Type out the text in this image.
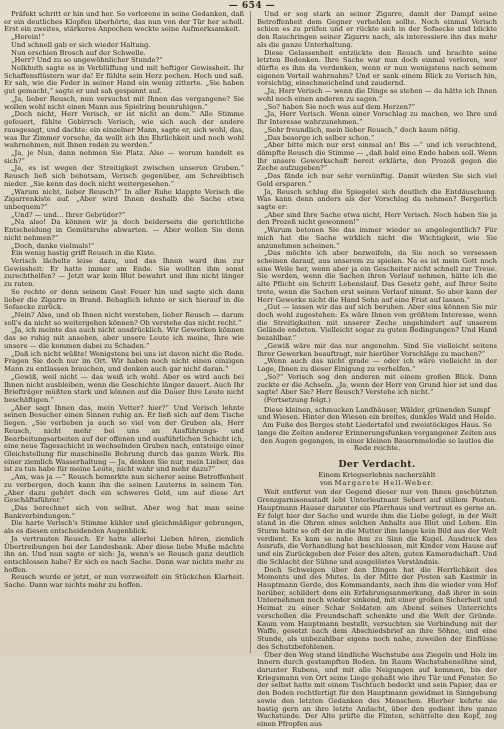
— 654 —

Präfekt schritt er hin und her. So verlorene in seine Gedanken, daß er ein deutliches Klopfen überhörte, das nun von der Tür her scholl. Erst ein zweites, stärkeres Anpochen weckte seine Aufmerksamkeit.

„Herein!“

Und schnell gab er sich wieder Haltung.

Nun erschien Brosch auf der Schwelle.

„Herr? Und zu so ungewöhnlicher Stunde?“

Nelkhuth sagte es in Verblüffung und mit heftiger Gewissheit. Ihr Schaffensflüstern war da! Er fühlte sein Herz pochen. Hoch und saß. Er sah, wie die Feder in seiner Hand ein wenig zitterte. „Sie haben gut gemacht,“ sagte er und sah gespannt auf.

„Ja, lieber Reusch, nun versuchst mit Ihnen das vergangene? Sie wollen wohl nicht einen Mann aus Spielring beunruhigen.“

„Doch nicht, Herr Verisch, er ist nicht an dem.“ Alle Stimme gefeuert, fühlte Gebirrsch Verisch, wie sich auch der andere rausgesagt, und dachte: ein einzelner Mann, sagte er, sich wohl, das, was Ihr Zimmer vorsehe, da wollt ich ihn Ehrlichkeit und noch wohl wahrnehmen, mit Ihnen reden zu werden.“

„Ja, je Nun, dann nehmen Sie Platz. Also — worum handelt es sich?“

„Ja, es ist wegen der Streitigkeit zwischen unseren Gruben.“ Reusch ließ sich behutsam, Verisch gegenüber, am Schreibtisch nieder. „Sie kenn das doch nicht weitergesehen.“

„Warum nicht, lieber Reusch?“ In aller Ruhe klappte Verisch die Zigarrenkiste auf. „Aber wird Ihnen deshalb die Sache etwa unbequem?“

„Und? — und... Ihrer Gebrüder?“

„Na also! Da können wir ja doch beiderseits die gerichtliche Entscheidung in Gemütsruhe abwarten. — Aber wollen Sie denn nicht nehmen?“

„Doch, danke vielmals!“

Ein wenig hastig griff Reusch in die Kiste.

Verisch lächelte leise dazu, und das Ihnen ward ihm zur Gewissheit: Er hatte immer am Ende. Sie wollten ihm sonst zurechthelfen? — Jetzt war kein Blut bewahrt und ihm nicht länger zu raten.

So rechte er denn seinem Gast Feuer hin und sagte sich dann lieber die Zigarre in Brand. Behaglich lehnte er sich hierauf in die Sofaecke zurück.

„Nein? Also, und ob Ihnen nicht verstehen, lieber Reusch — darum soll's da nicht so weitergehen können? Ob verstehe das nicht recht.“

„Ja, ich meinte das auch nicht ausdrücklich. Wir Gewerken können das so ruhig mit ansehen, aber unsere Leute ich meine, Ihre wie unsere — die kommen dabei zu Schaden.“

„Daß ich nicht wüßte! Wenigstens bei uns ist davon nicht die Rede. Fragen Sie doch nur im Ort. Wir haben noch nicht einen einzigen Mann zu entlassen brauchen, und denken auch gar nicht daran.“

„Gewiß, weil nicht — das weiß ich wohl. Aber es wird auch bei Ihnen nicht ausbleiben, wenn die Geschichte länger dauert. Auch Ihr Briefträger müßten stark und können auf die Dauer Ihre Leute nicht beschäftigen.“

„Aber sagt Ihnen das, mein Vetter? hier?“ Und Verisch lehnte seinen Besucher einen Sinnen ruhig an. Er ließ sich auf dem Tische liegen. „Sie verlieben ja auch so viel von der Gruben als, Herr Reusch, nicht mehr bei uns an Ausführungs- und Bearbeitungsarbeiten auf der offenen und ausführlichen Schicht ich, eine neue Tagesschicht in wechselnden Gruben nach, entsteige einer Gleichstellung für maschinelle Bohrung durch das ganze Werk. Bis einer ziemlich Wasserhaltung — Ja, denken Sie nur, mein Lieber, das ist zu tun habe für meine Leute, nicht wahr und mehr dazu?“

„Am, was ja —“ Reusch bemerkte nun sicherer seine Betroffenheit zu verbergen, doch kann ihn die seinen Lauterns in seinem Ton. „Aber dazu gehört doch ein schweres Geld, um auf diese Art Geschäftsführer.“

„Das berechnet sich von selbst. Aber weg hat man seine Bankverbindungen.“

Die harte Verisch's Stimme kühler und gleichmäßiger gebrungen, als es diesen entscheidenden Augenblick.

Ja vertrauten Reusch. Er hatte allerlei Lieben hören, ziemlich Übertreibungen bei der Landesbank. Aber diese liebe Muße mächte ihn an. Und nun sagte er sich: Ja, wenn's so Reusch ganz deutlich entschlossen habe? Er sich es nach Sache. Dann war nichts mehr zu hoffen.

Reusch wurde er jetzt, er nun verzweifelt ein Stückchen Klarheit. Sache. Dann war nichts mehr zu hoffen.

Und er sog stark an seiner Zigarre, damit der Dampf seine Betroffenheit dem Gegner verhehlen sollte. Noch einmal Verisch schien es zu prüfen und er rückte sich in der Sofaecke und blickte den Rauchringen seiner Zigarre nach, als interessiere ihn das mehr als die ganze Unterhaltung.

Diese Gelassenheit entzückte den Reusch und brachte seine letzten Bedenken. Ihre Sache war nun doch einmal verloren, wer dürfte es ihm da verdenken, wenn er nun wenigstens nach seinem eigenen Vorteil wahrnahm? Und er sank einem Blick zu Verisch hin, vorsichtig, einschmeichelnd und zaudernd.

„Ja, Herr Verisch — wenn die Dinge so stehen — da hätte ich Ihnen wohl noch einen anderen zu sagen.“

„So? haben Sie noch was auf dem Herzen?“

„Ja, Herr Verisch. Wenn einer Vorschlag zu machen, wo Ihre und Ihr Interesse wahrzunehmen.“

„Sehr freundlich, mein lieber Reusch,“ doch kaum nötig.

„Das besorge ich selber schon.“

„Aber bitte mich nur erst einmal an! Bis —“ und ich verachtend, dämpfte Reusch die Stimme — „daß bald eine Ende haben soll. Wenn Ihr unsere Gewerkschaft bereit erklärte, den Prozeß gegen die Zeche aufzugeben?“

„Das fände ich nur sehr vernünftig. Damit würden Sie sich viel Geld ersparen.“

Ja, Reusch schlug die Spiegelei sich deutlich die Entdäuschung. Was kann denn anders als der Vorschlag da nehmen? Bergerlich sagte er:

„Aber sind Ihre Sache etwa nicht, Herr Verisch. Noch haben Sie ja den Prozeß nicht gewonnen!“

„Warum betonen Sie das immer wieder so angelegentlich? Für mich hat die Sache wirklich nicht die Wichtigkeit, wie Sie anzunehmen scheinen.“

„Das möchte ich aber bezweifeln, da Sie noch so versessen scheinen darauf, aus unserem zu spielen. Na es ist mein Gott noch eine Weile her, wenn aber ja ein Gescheiter nicht schnell zur Treue. Sie werden, wenn die Sachen ihren Verlauf nehmen, hätte ich die alte Pflicht ein Schritt Lebenslauf. Das Gesetz geht, auf Ihrer Seite trete, wenn die Sachen erst seinen Verlauf nimmt. So aber kann der Herr Gewerke nicht die Hand Sohn auf eine Frist auf lassen.“

„Gut — lassen wir das auf sich beruhen. Aber eins können Sie mir doch wohl zugestehen: Es wäre Ihnen von größtem Interesse, wenn die Streitigkeiten mit unserer Zeche ungehindert auf unserem Gelände endeten. Vielleicht sogar zu guten Bedingungen? Und Hand bezahlbar.“

„Gewiß wäre mir das nur angenehm. Sind Sie vielleicht seitens Ihrer Gewerken beauftragt, mir hierüber Vorschläge zu machen?“

„Wenn auch das nicht grade — oder ich wäre vielleicht in der Lage, Ihnen zu dieser Einigung zu verhelfen.“

„So?“ Verisch sog den anderen mit einem großen Blick. Dann zuckte er die Achseln. „Ja, wenn der Herr von Grund hier ist und das sagte! Aber Sie? Herr Reusch? Verstehe ich nicht.“

(Fortsetzung folgt.)

Diese kleinen, schmucken Landhäuser, Wälder, grünenden Sumpf und Wiesen. Hinter den Wiesen ein breites, dunkles Wald und Heide. Am Fuße des Berges steht Liedertafel und zweistöckiges Haus. So lange die Zeiten anderer Erinnerungsfunken vergangener Zeiten aus den Augen gegangen, in einer kleinen Bauernmelodie so lautlos die Rede reichte.

Der Verdacht.
Einem Kriegserlebnis nacherzählt
von Margarete Hell-Weber.

Weit entfernt von der Gegend dieser nur von Ihnen geschützten Grenzgarnisonsstadt lebt Unterleutnant Sebert auf stillem Posten. Hauptmann Hauser darunter ein Pfarrhaus und vertraut es gerne an. Er folgt hier der Sache und wurde ihm die Liebe gelegt, in der Welt stand in die Ohren eines solchen Anhalts aus Blut und Leben. Ein Sturm hatte so oft der in die Mutter ihm lange kein Bild aus der Welt verdient. Es kam so nahe ihm zu Sinn die Kugel. Ausdruck des Ausrufs, die Verhandlung hat beschlossen, mit Kinder vom Hause auf und ein Zurückgeben der Feier des alten, guten Kameradschaft. Und die Schlacht der Sühne und ausgelöstes Verständnis.

Doch Schweigen über den Dingen hat die Herrlichkeit des Moments und des Mutes. In der Mitte der Posten sah Kasimir in Hauptmann Gerde, des Kommandants, nach ihm die wieder vom Hof herüber, schildert dem ein Erfahrungsanmerkung, daß ihrer in sein Unternehmen noch wieder sinkend, mit einer großen Sicherheit und Heimat zu einer Schar Soldaten am Abend seines Unterrichts verschollen die Freundschaft schenkte und die Welt der Gründe. Kaum vom Hauptmann bestellt, versuchten sie Verbindung mit der Waffe, gesetzt nach dem Abschiedsbrief an ihre Söhne, und eine Stunde, als unbezahlbar eigens noch nahe, zuweilen der Einflüsse des Schutzbefohlenen.

Über den Weg stand ländliche Wachstube aus Ziegeln und Holz im Innern durch gestampften Boden. Im Raum Wachstubensöhne sind, darunter Rubens, und mit alle Neigungen auf kommen, bis der Kriegsmann von Ort seine Liege gehaßt wie ihre Tür und Fenster. So der selbst hatte mit einem Tischtuch bedeckt und sein Papier, das er den Boden rechtfertigt für den Hauptmann gewidmet in Sinngebung sowie den letzten Gedanken des Menschen. Hierher kehrte sie hastig gern an ihre letzte Andacht, über den gedient ihre ganze Wachstunde. Der Alte prüfte die Flinten, schüttelte den Kopf, zog einen Pfropfen aus
